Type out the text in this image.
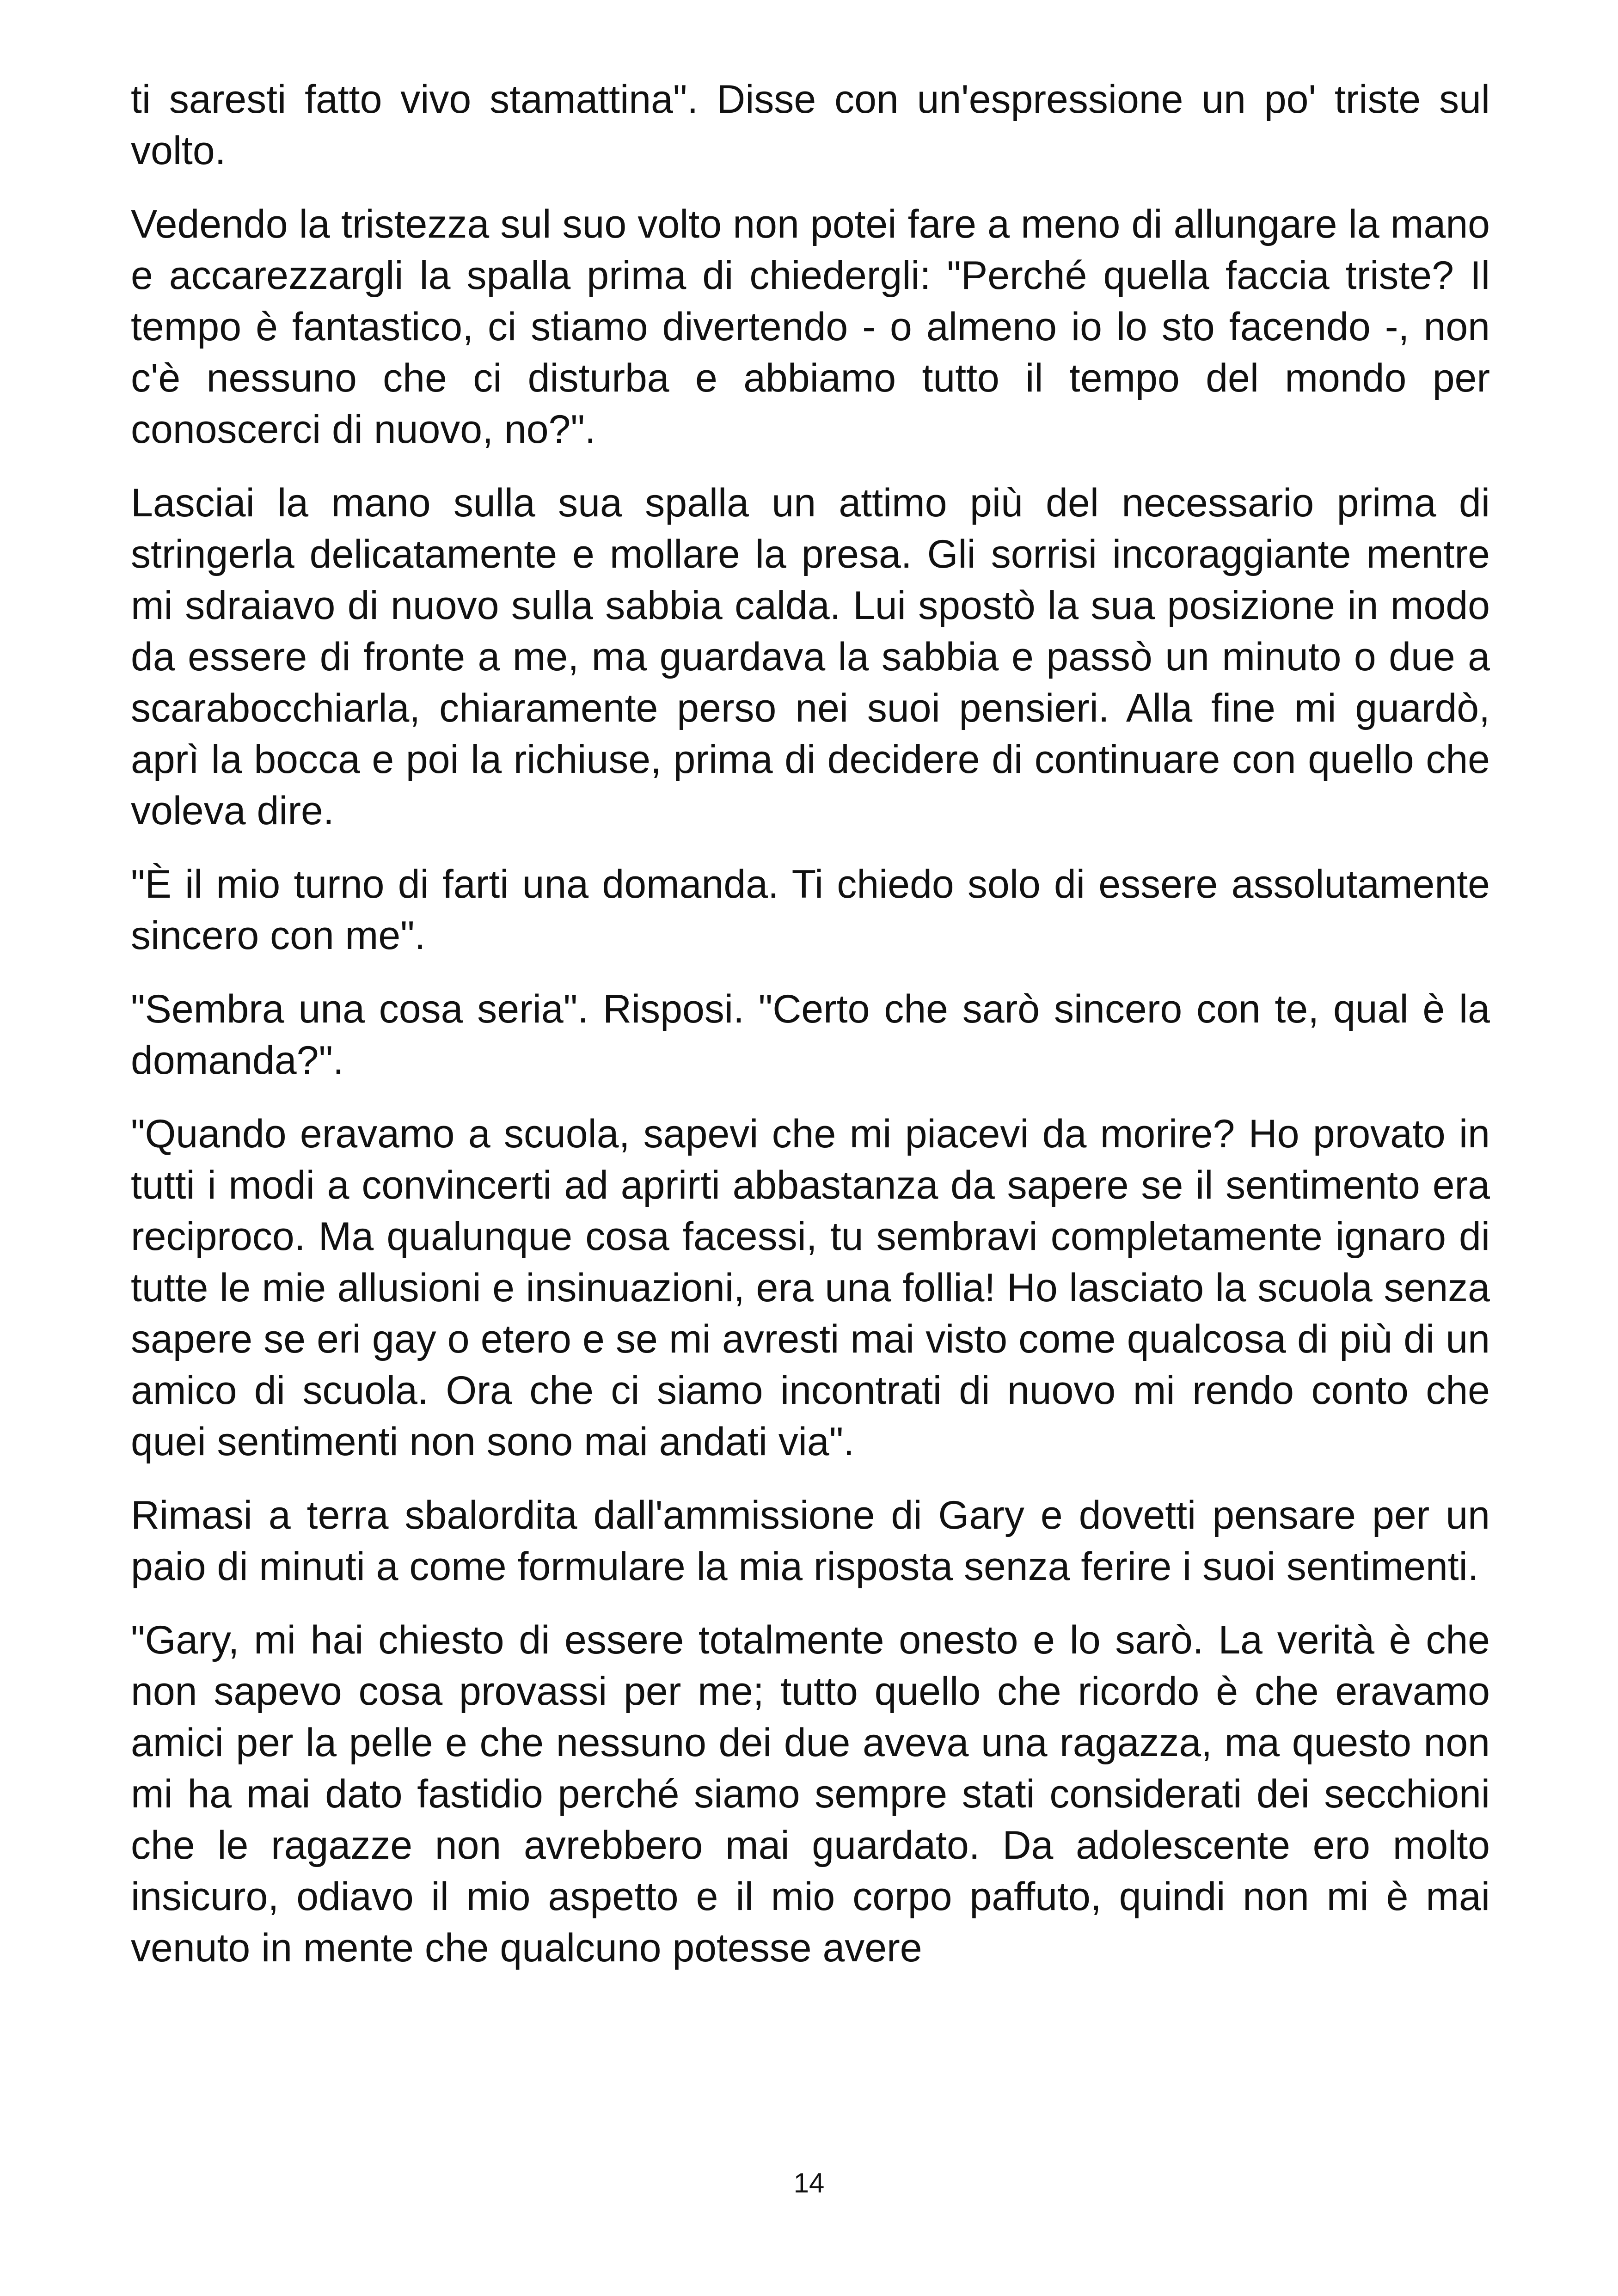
ti saresti fatto vivo stamattina". Disse con un'espressione un po' triste sul volto.

Vedendo la tristezza sul suo volto non potei fare a meno di allungare la mano e accarezzargli la spalla prima di chiedergli: "Perché quella faccia triste? Il tempo è fantastico, ci stiamo divertendo - o almeno io lo sto facendo -, non c'è nessuno che ci disturba e abbiamo tutto il tempo del mondo per conoscerci di nuovo, no?".

Lasciai la mano sulla sua spalla un attimo più del necessario prima di stringerla delicatamente e mollare la presa. Gli sorrisi incoraggiante mentre mi sdraiavo di nuovo sulla sabbia calda. Lui spostò la sua posizione in modo da essere di fronte a me, ma guardava la sabbia e passò un minuto o due a scarabocchiarla, chiaramente perso nei suoi pensieri. Alla fine mi guardò, aprì la bocca e poi la richiuse, prima di decidere di continuare con quello che voleva dire.

"È il mio turno di farti una domanda. Ti chiedo solo di essere assolutamente sincero con me".

"Sembra una cosa seria". Risposi. "Certo che sarò sincero con te, qual è la domanda?".

"Quando eravamo a scuola, sapevi che mi piacevi da morire? Ho provato in tutti i modi a convincerti ad aprirti abbastanza da sapere se il sentimento era reciproco. Ma qualunque cosa facessi, tu sembravi completamente ignaro di tutte le mie allusioni e insinuazioni, era una follia! Ho lasciato la scuola senza sapere se eri gay o etero e se mi avresti mai visto come qualcosa di più di un amico di scuola. Ora che ci siamo incontrati di nuovo mi rendo conto che quei sentimenti non sono mai andati via".

Rimasi a terra sbalordita dall'ammissione di Gary e dovetti pensare per un paio di minuti a come formulare la mia risposta senza ferire i suoi sentimenti.

"Gary, mi hai chiesto di essere totalmente onesto e lo sarò. La verità è che non sapevo cosa provassi per me; tutto quello che ricordo è che eravamo amici per la pelle e che nessuno dei due aveva una ragazza, ma questo non mi ha mai dato fastidio perché siamo sempre stati considerati dei secchioni che le ragazze non avrebbero mai guardato. Da adolescente ero molto insicuro, odiavo il mio aspetto e il mio corpo paffuto, quindi non mi è mai venuto in mente che qualcuno potesse avere

14
